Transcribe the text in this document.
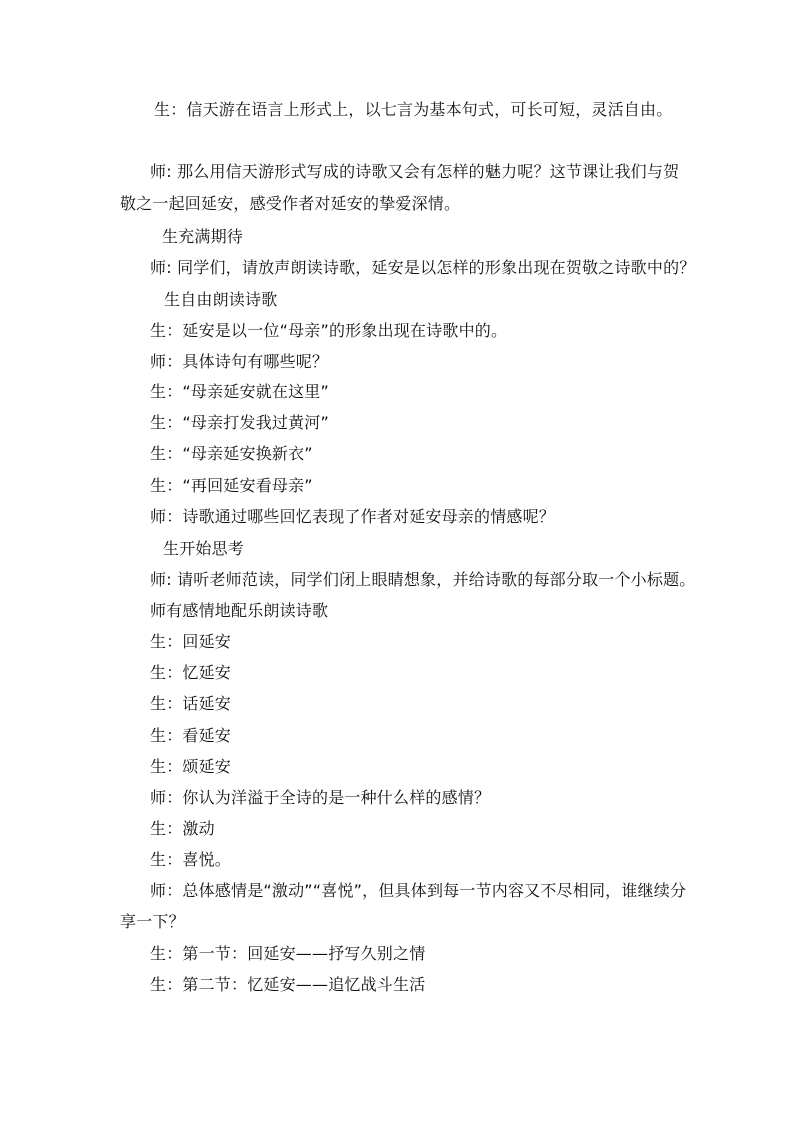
生：信天游在语言上形式上，以七言为基本句式，可长可短，灵活自由。
师: 那么用信天游形式写成的诗歌又会有怎样的魅力呢？这节课让我们与贺
敬之一起回延安，感受作者对延安的挚爱深情。
生充满期待
师: 同学们，请放声朗读诗歌，延安是以怎样的形象出现在贺敬之诗歌中的？
生自由朗读诗歌
生：延安是以一位“母亲”的形象出现在诗歌中的。
师：具体诗句有哪些呢？
生：“母亲延安就在这里”
生：“母亲打发我过黄河”
生：“母亲延安换新衣”
生：“再回延安看母亲”
师：诗歌通过哪些回忆表现了作者对延安母亲的情感呢？
生开始思考
师: 请听老师范读，同学们闭上眼睛想象，并给诗歌的每部分取一个小标题。
师有感情地配乐朗读诗歌
生：回延安
生：忆延安
生：话延安
生：看延安
生：颂延安
师：你认为洋溢于全诗的是一种什么样的感情？
生：激动
生：喜悦。
师：总体感情是“激动”“喜悦”，但具体到每一节内容又不尽相同，谁继续分
享一下？
生：第一节：回延安——抒写久别之情
生：第二节：忆延安——追忆战斗生活
